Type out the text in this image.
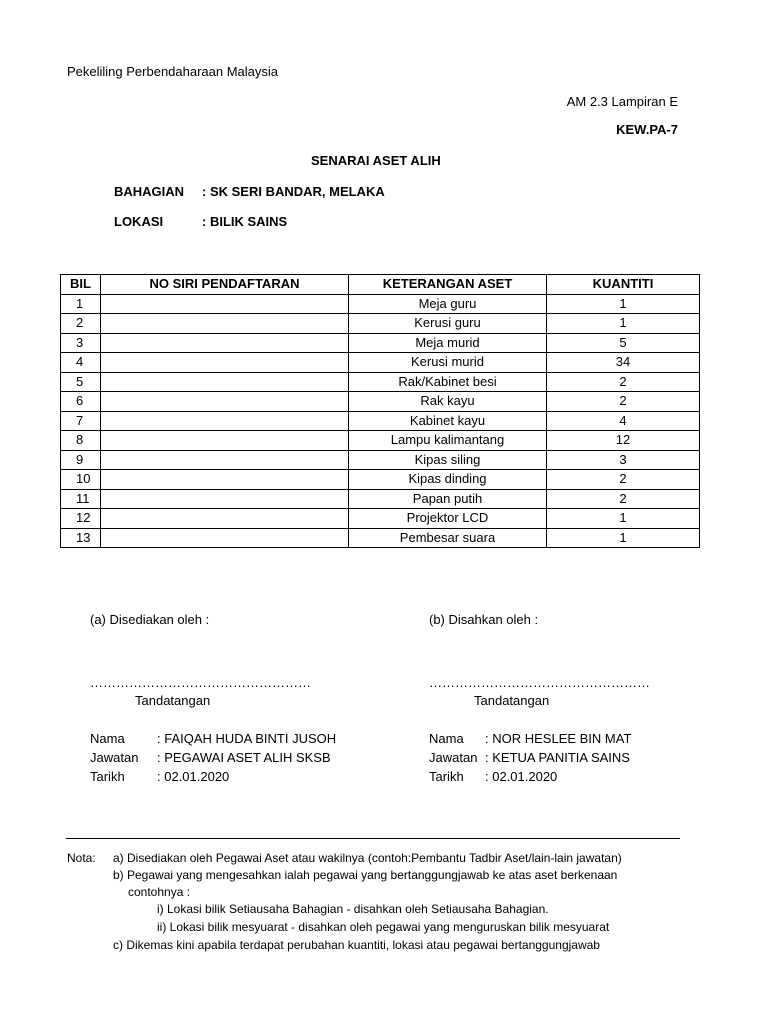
Pekeliling Perbendaharaan Malaysia
AM 2.3 Lampiran E
KEW.PA-7
SENARAI ASET ALIH
BAHAGIAN : SK SERI BANDAR, MELAKA
LOKASI	: BILIK SAINS
BIL	NO SIRI PENDAFTARAN	KETERANGAN ASET	KUANTITI
1		Meja guru	1
2		Kerusi guru	1
3		Meja murid	5
4		Kerusi murid	34
5		Rak/Kabinet besi	2
6		Rak kayu	2
7		Kabinet kayu	4
8		Lampu kalimantang	12
9		Kipas siling	3
10		Kipas dinding	2
11		Papan putih	2
12		Projektor LCD	1
13		Pembesar suara	1
(a) Disediakan oleh :	(b) Disahkan oleh :
……………………………………………	……………………………………………
Tandatangan	Tandatangan
Nama : FAIQAH HUDA BINTI JUSOH
Jawatan : PEGAWAI ASET ALIH SKSB
Tarikh : 02.01.2020
Nama : NOR HESLEE BIN MAT
Jawatan : KETUA PANITIA SAINS
Tarikh : 02.01.2020
Nota: a) Disediakan oleh Pegawai Aset atau wakilnya (contoh:Pembantu Tadbir Aset/lain-lain jawatan)
b) Pegawai yang mengesahkan ialah pegawai yang bertanggungjawab ke atas aset berkenaan
contohnya :
i) Lokasi bilik Setiausaha Bahagian - disahkan oleh Setiausaha Bahagian.
ii) Lokasi bilik mesyuarat - disahkan oleh pegawai yang menguruskan bilik mesyuarat
c) Dikemas kini apabila terdapat perubahan kuantiti, lokasi atau pegawai bertanggungjawab
